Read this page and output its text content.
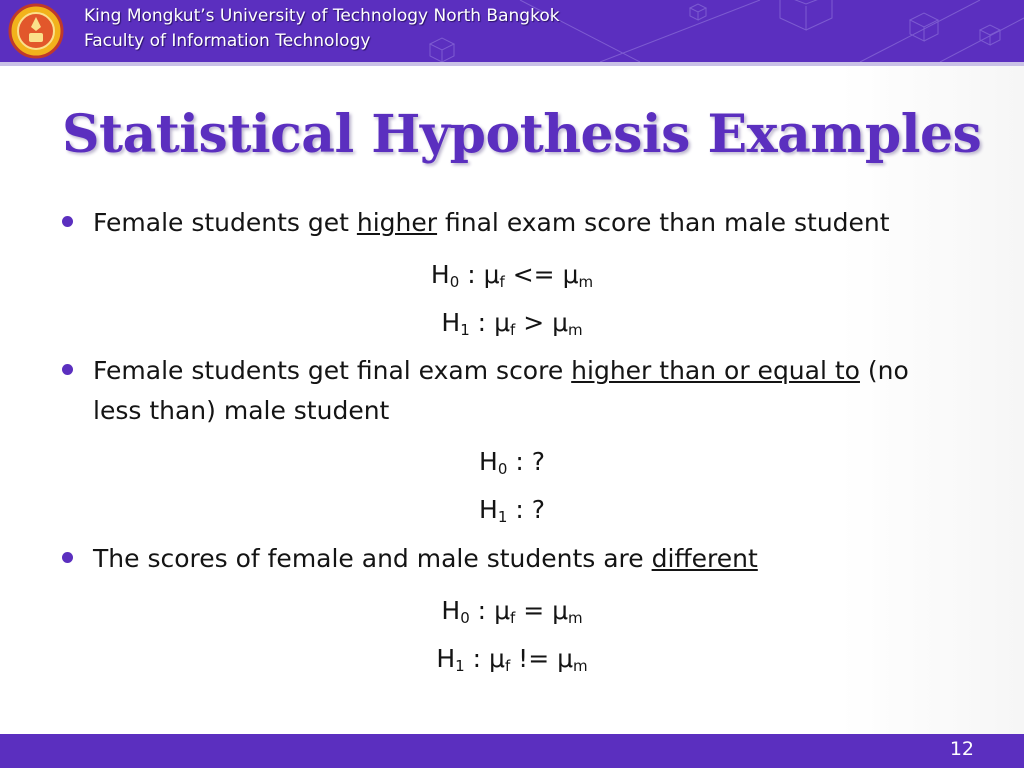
King Mongkut’s University of Technology North Bangkok
Faculty of Information Technology
Statistical Hypothesis Examples
Female students get higher final exam score than male student
$H_0$ : $\mu_f <= \mu_m$
$H_1$ : $\mu_f > \mu_m$
Female students get final exam score higher than or equal to (no less than) male student
$H_0$ : ?
$H_1$ : ?
The scores of female and male students are different
$H_0$ : $\mu_f = \mu_m$
$H_1$ : $\mu_f$ != $\mu_m$
12
